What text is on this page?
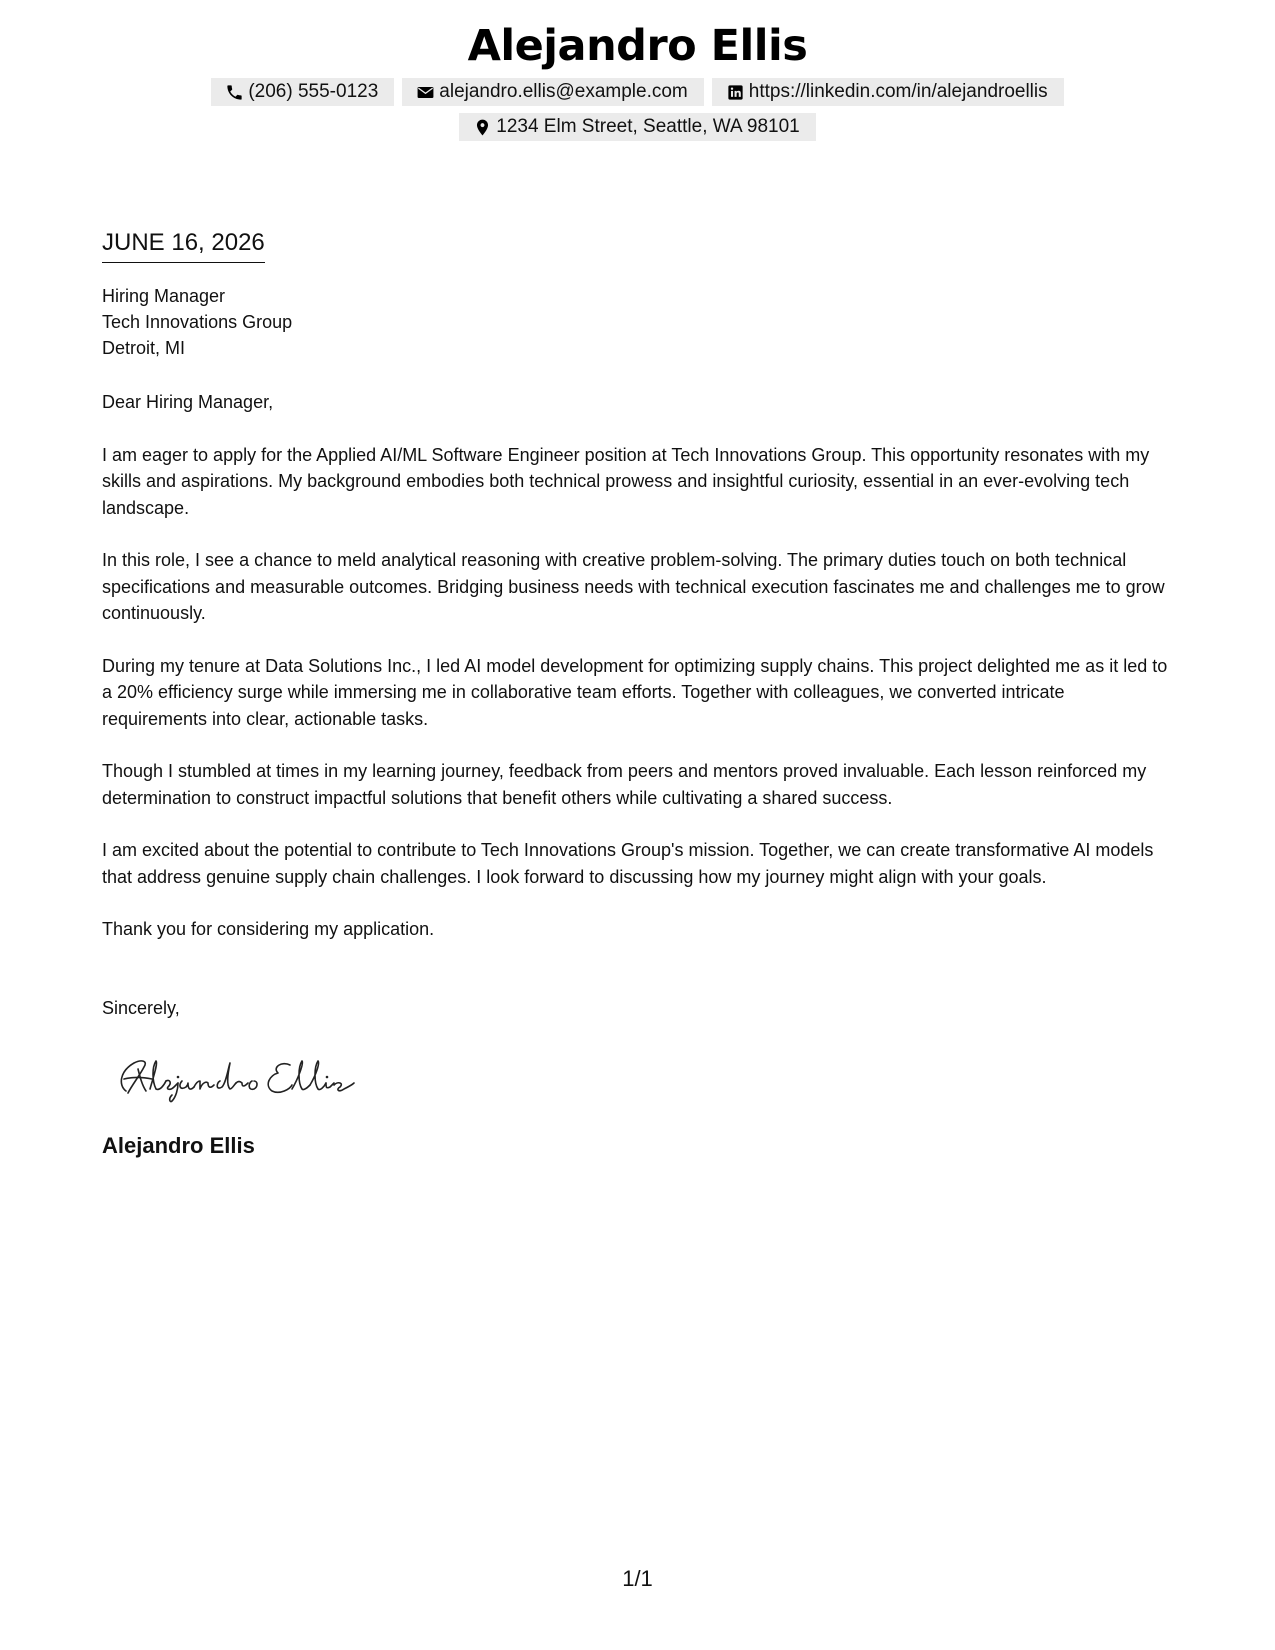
Alejandro Ellis
(206) 555-0123	alejandro.ellis@example.com	https://linkedin.com/in/alejandroellis
1234 Elm Street, Seattle, WA 98101
JUNE 16, 2026
Hiring Manager
Tech Innovations Group
Detroit, MI
Dear Hiring Manager,
I am eager to apply for the Applied AI/ML Software Engineer position at Tech Innovations Group. This opportunity resonates with my skills and aspirations. My background embodies both technical prowess and insightful curiosity, essential in an ever-evolving tech landscape.
In this role, I see a chance to meld analytical reasoning with creative problem-solving. The primary duties touch on both technical specifications and measurable outcomes. Bridging business needs with technical execution fascinates me and challenges me to grow continuously.
During my tenure at Data Solutions Inc., I led AI model development for optimizing supply chains. This project delighted me as it led to a 20% efficiency surge while immersing me in collaborative team efforts. Together with colleagues, we converted intricate requirements into clear, actionable tasks.
Though I stumbled at times in my learning journey, feedback from peers and mentors proved invaluable. Each lesson reinforced my determination to construct impactful solutions that benefit others while cultivating a shared success.
I am excited about the potential to contribute to Tech Innovations Group's mission. Together, we can create transformative AI models that address genuine supply chain challenges. I look forward to discussing how my journey might align with your goals.
Thank you for considering my application.
Sincerely,
Alejandro Ellis
1/1
